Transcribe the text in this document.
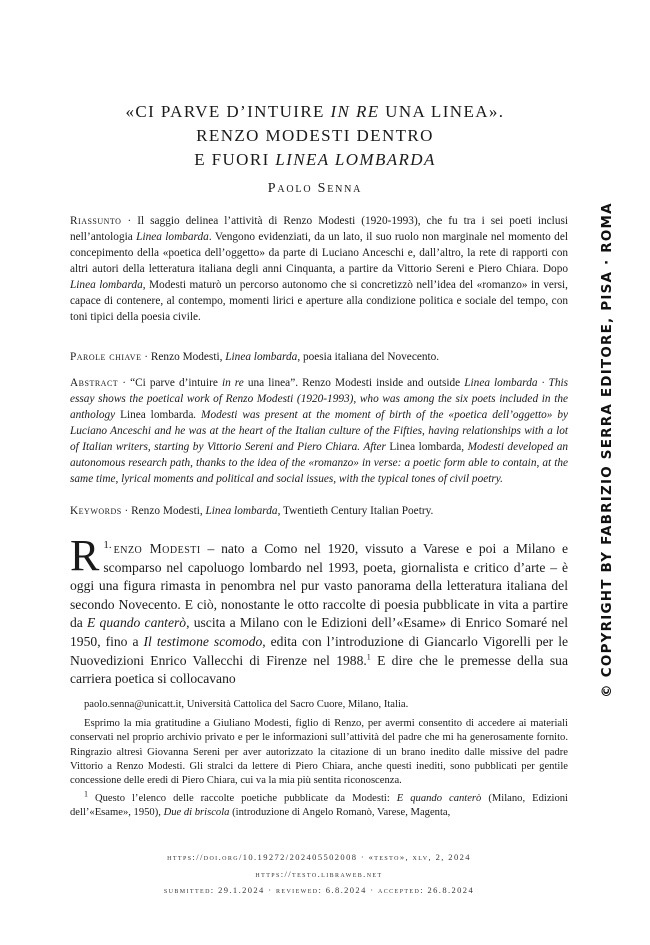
«CI PARVE D’INTUIRE IN RE UNA LINEA».
RENZO MODESTI DENTRO
E FUORI LINEA LOMBARDA
Paolo Senna
Riassunto · Il saggio delinea l’attività di Renzo Modesti (1920-1993), che fu tra i sei poeti inclusi nell’antologia Linea lombarda. Vengono evidenziati, da un lato, il suo ruolo non marginale nel momento del concepimento della «poetica dell’oggetto» da parte di Luciano Anceschi e, dall’altro, la rete di rapporti con altri autori della letteratura italiana degli anni Cinquanta, a partire da Vittorio Sereni e Piero Chiara. Dopo Linea lombarda, Modesti maturò un percorso autonomo che si concretizzò nell’idea del «romanzo» in versi, capace di contenere, al contempo, momenti lirici e aperture alla condizione politica e sociale del tempo, con toni tipici della poesia civile.
Parole chiave · Renzo Modesti, Linea lombarda, poesia italiana del Novecento.
Abstract · “Ci parve d’intuire in re una linea”. Renzo Modesti inside and outside Linea lombarda · This essay shows the poetical work of Renzo Modesti (1920-1993), who was among the six poets included in the anthology Linea lombarda. Modesti was present at the moment of birth of the «poetica dell’oggetto» by Luciano Anceschi and he was at the heart of the Italian culture of the Fifties, having relationships with a lot of Italian writers, starting by Vittorio Sereni and Piero Chiara. After Linea lombarda, Modesti developed an autonomous research path, thanks to the idea of the «romanzo» in verse: a poetic form able to contain, at the same time, lyrical moments and political and social issues, with the typical tones of civil poetry.
Keywords · Renzo Modesti, Linea lombarda, Twentieth Century Italian Poetry.
$^{1.}$
R enzo Modesti – nato a Como nel 1920, vissuto a Varese e poi a Milano e scomparso nel capoluogo lombardo nel 1993, poeta, giornalista e critico d’arte – è oggi una figura rimasta in penombra nel pur vasto panorama della letteratura italiana del secondo Novecento. E ciò, nonostante le otto raccolte di poesia pubblicate in vita a partire da E quando canterò, uscita a Milano con le Edizioni dell’«Esame» di Enrico Somaré nel 1950, fino a Il testimone scomodo, edita con l’introduzione di Giancarlo Vigorelli per le Nuovedizioni Enrico Vallecchi di Firenze nel 1988.$^1$ E dire che le premesse della sua carriera poetica si collocavano

paolo.senna@unicatt.it, Università Cattolica del Sacro Cuore, Milano, Italia.

Esprimo la mia gratitudine a Giuliano Modesti, figlio di Renzo, per avermi consentito di accedere ai materiali conservati nel proprio archivio privato e per le informazioni sull’attività del padre che mi ha generosamente fornito. Ringrazio altresì Giovanna Sereni per aver autorizzato la citazione di un brano inedito dalle missive del padre Vittorio a Renzo Modesti. Gli stralci da lettere di Piero Chiara, anche questi inediti, sono pubblicati per gentile concessione delle eredi di Piero Chiara, cui va la mia più sentita riconoscenza.

$^1$ Questo l’elenco delle raccolte poetiche pubblicate da Modesti: E quando canterò (Milano, Edizioni dell’«Esame», 1950), Due di briscola (introduzione di Angelo Romanò, Varese, Magenta,

https://doi.org/10.19272/202405502008 · «testo», xlv, 2, 2024
https://testo.libraweb.net
submitted: 29.1.2024 · reviewed: 6.8.2024 · accepted: 26.8.2024
© COPYRIGHT BY FABRIZIO SERRA EDITORE, PISA · ROMA
